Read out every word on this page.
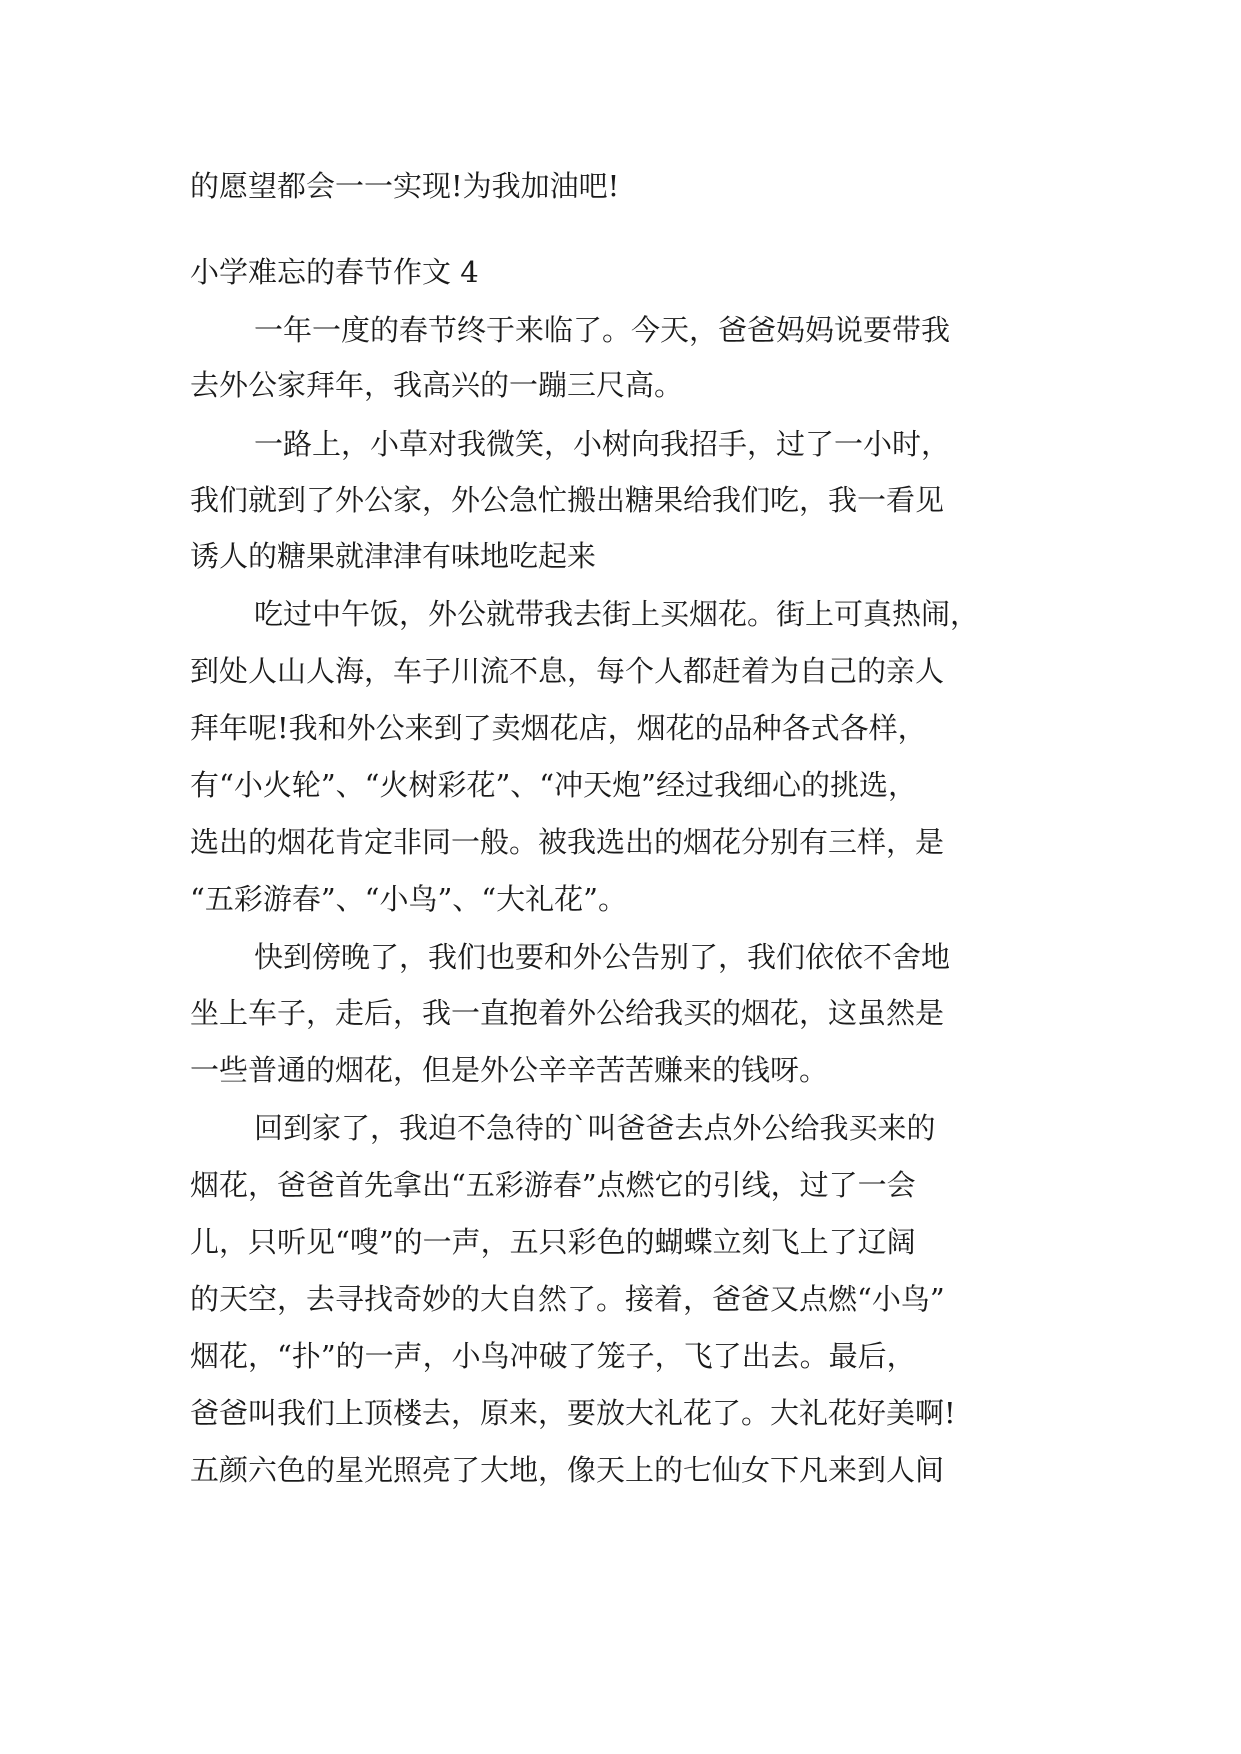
的愿望都会一一实现!为我加油吧!
小学难忘的春节作文 4
一年一度的春节终于来临了。今天，爸爸妈妈说要带我
去外公家拜年，我高兴的一蹦三尺高。
一路上，小草对我微笑，小树向我招手，过了一小时，
我们就到了外公家，外公急忙搬出糖果给我们吃，我一看见
诱人的糖果就津津有味地吃起来
吃过中午饭，外公就带我去街上买烟花。街上可真热闹，
到处人山人海，车子川流不息，每个人都赶着为自己的亲人
拜年呢!我和外公来到了卖烟花店，烟花的品种各式各样，
有“小火轮”、“火树彩花”、“冲天炮”经过我细心的挑选，
选出的烟花肯定非同一般。被我选出的烟花分别有三样，是
“五彩游春”、“小鸟”、“大礼花”。
快到傍晚了，我们也要和外公告别了，我们依依不舍地
坐上车子，走后，我一直抱着外公给我买的烟花，这虽然是
一些普通的烟花，但是外公辛辛苦苦赚来的钱呀。
回到家了，我迫不急待的`叫爸爸去点外公给我买来的
烟花，爸爸首先拿出“五彩游春”点燃它的引线，过了一会
儿，只听见“嗖”的一声，五只彩色的蝴蝶立刻飞上了辽阔
的天空，去寻找奇妙的大自然了。接着，爸爸又点燃“小鸟”
烟花，“扑”的一声，小鸟冲破了笼子，飞了出去。最后，
爸爸叫我们上顶楼去，原来，要放大礼花了。大礼花好美啊!
五颜六色的星光照亮了大地，像天上的七仙女下凡来到人间
